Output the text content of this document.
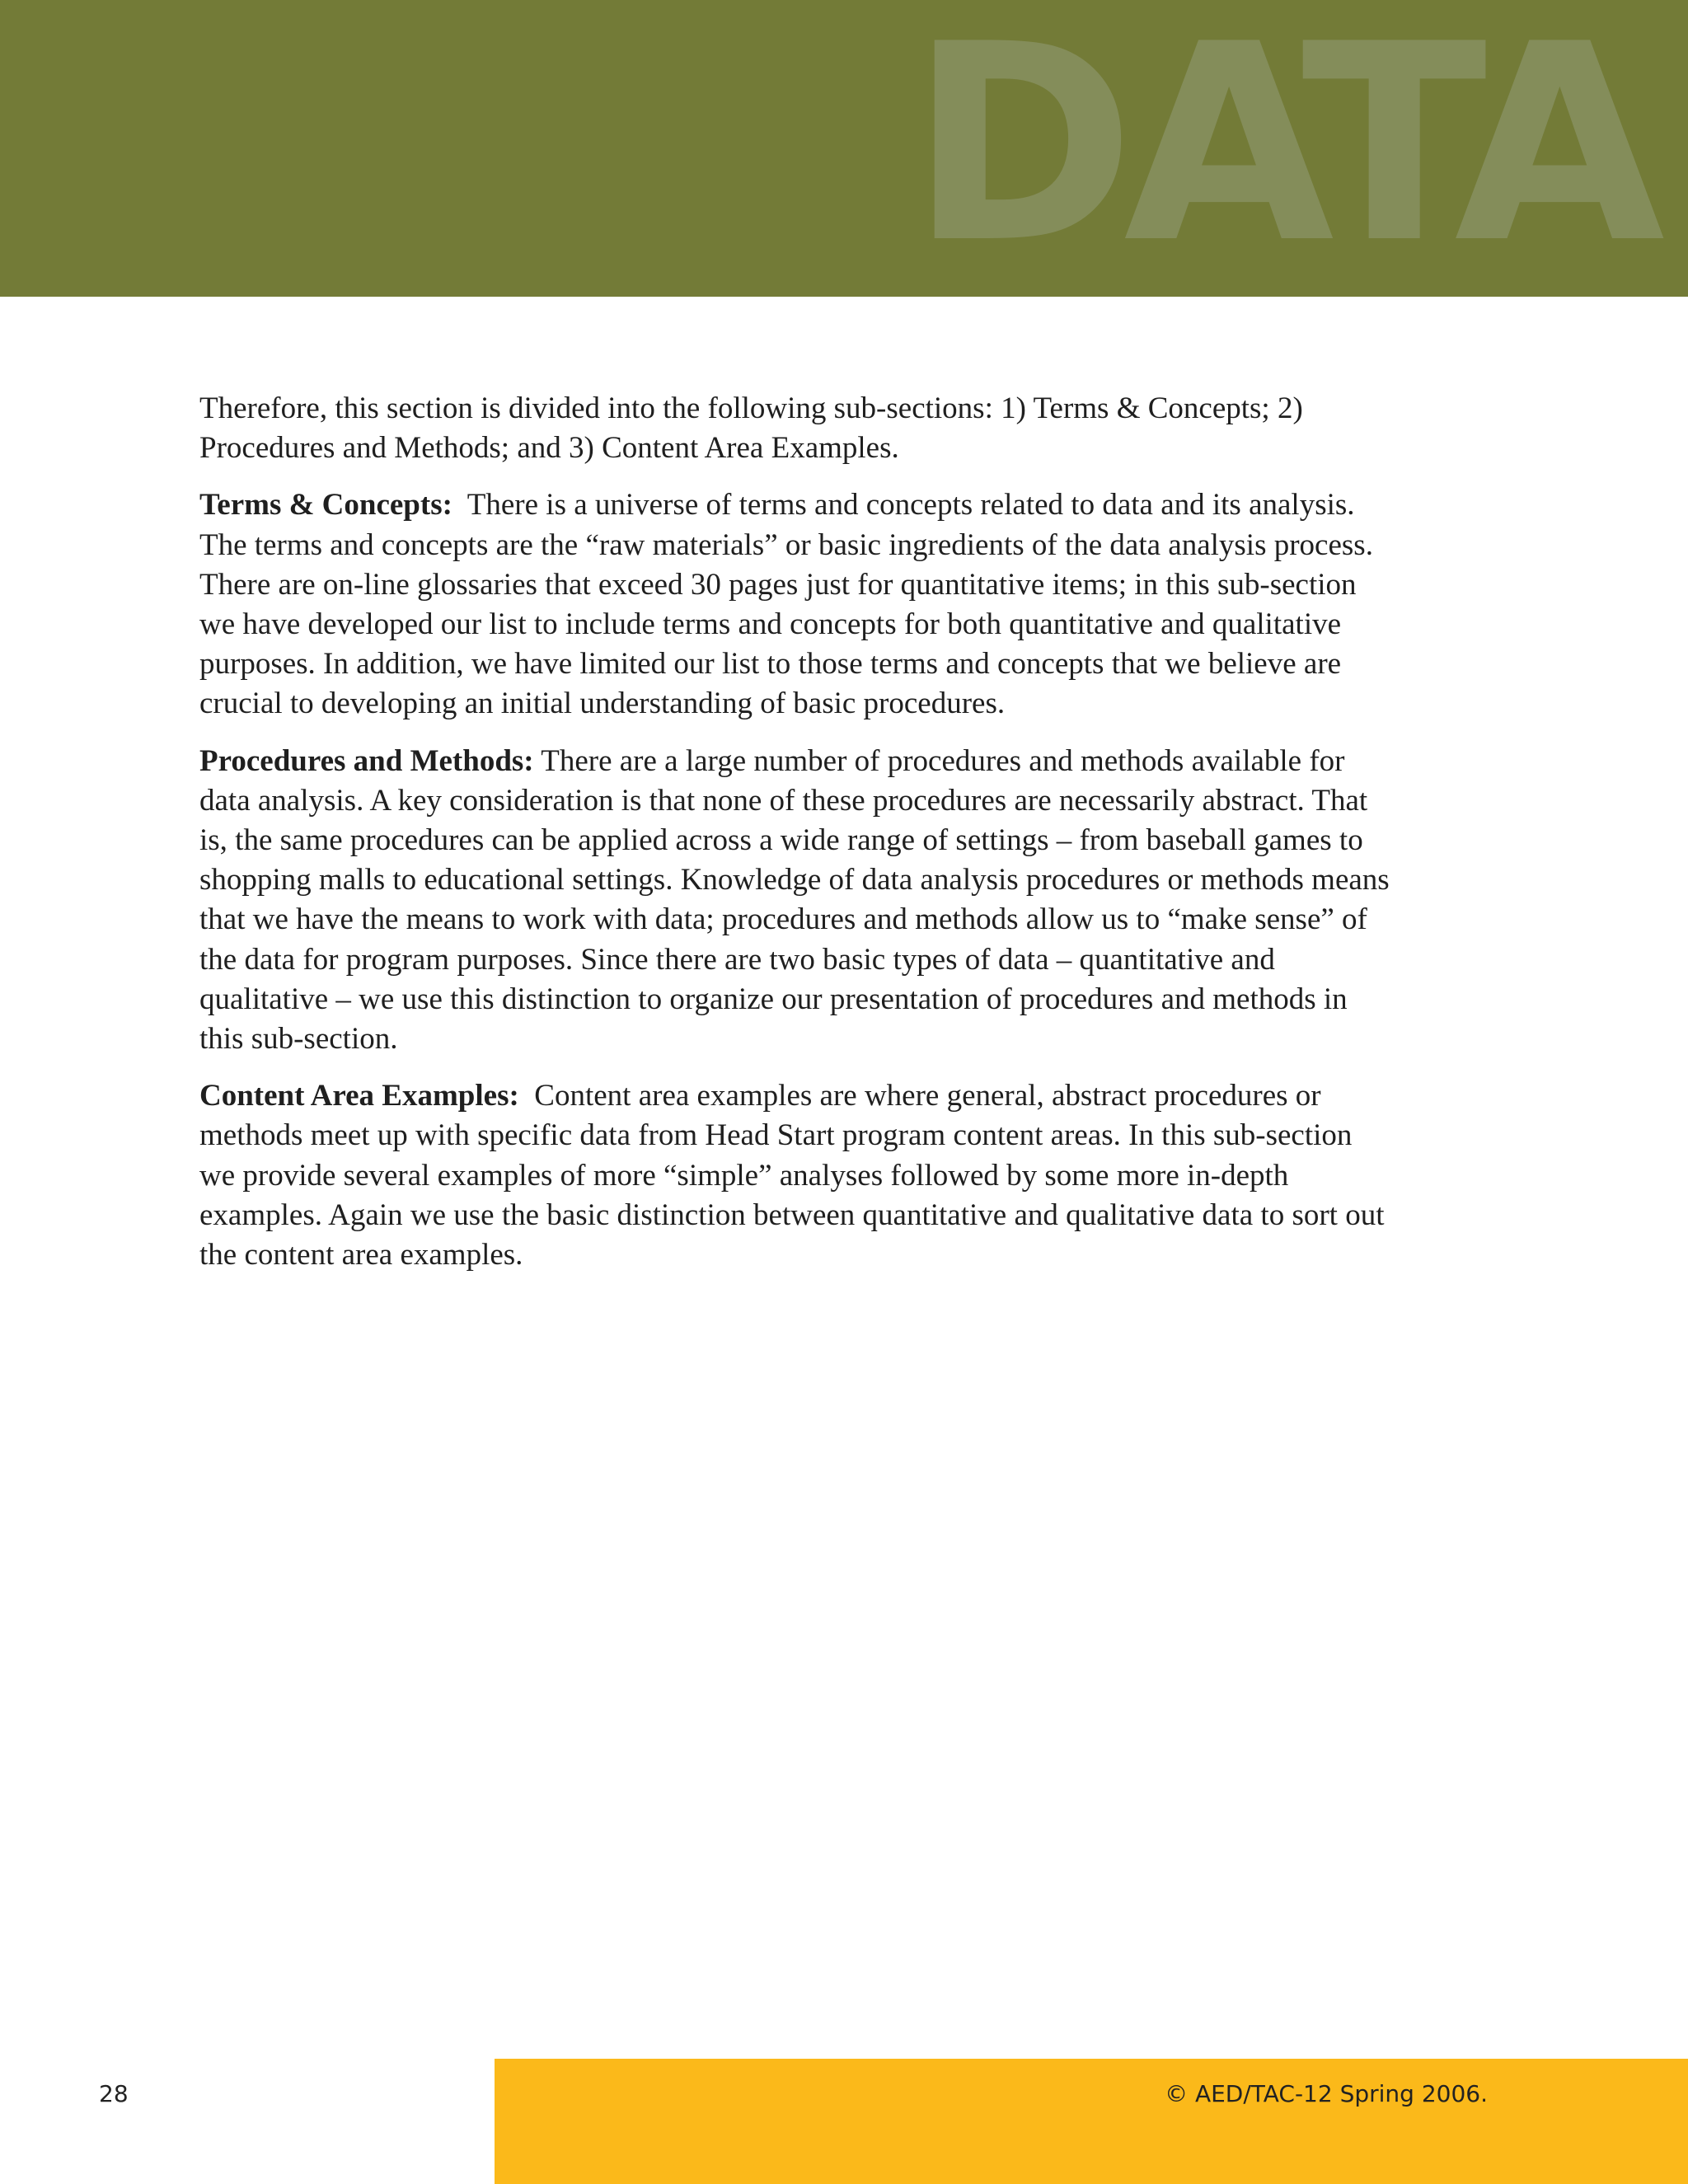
DATA

Therefore, this section is divided into the following sub-sections: 1) Terms & Concepts; 2) Procedures and Methods; and 3) Content Area Examples.

Terms & Concepts: There is a universe of terms and concepts related to data and its analysis. The terms and concepts are the “raw materials” or basic ingredients of the data analysis process. There are on-line glossaries that exceed 30 pages just for quantitative items; in this sub-section we have developed our list to include terms and concepts for both quantitative and qualitative purposes. In addition, we have limited our list to those terms and concepts that we believe are crucial to developing an initial understanding of basic procedures.

Procedures and Methods: There are a large number of procedures and methods available for data analysis. A key consideration is that none of these procedures are necessarily abstract. That is, the same procedures can be applied across a wide range of settings – from baseball games to shopping malls to educational settings. Knowledge of data analysis procedures or methods means that we have the means to work with data; procedures and methods allow us to “make sense” of the data for program purposes. Since there are two basic types of data – quantitative and qualitative – we use this distinction to organize our presentation of procedures and methods in this sub-section.

Content Area Examples: Content area examples are where general, abstract procedures or methods meet up with specific data from Head Start program content areas. In this sub-section we provide several examples of more “simple” analyses followed by some more in-depth examples. Again we use the basic distinction between quantitative and qualitative data to sort out the content area examples.

28	© AED/TAC-12 Spring 2006.
